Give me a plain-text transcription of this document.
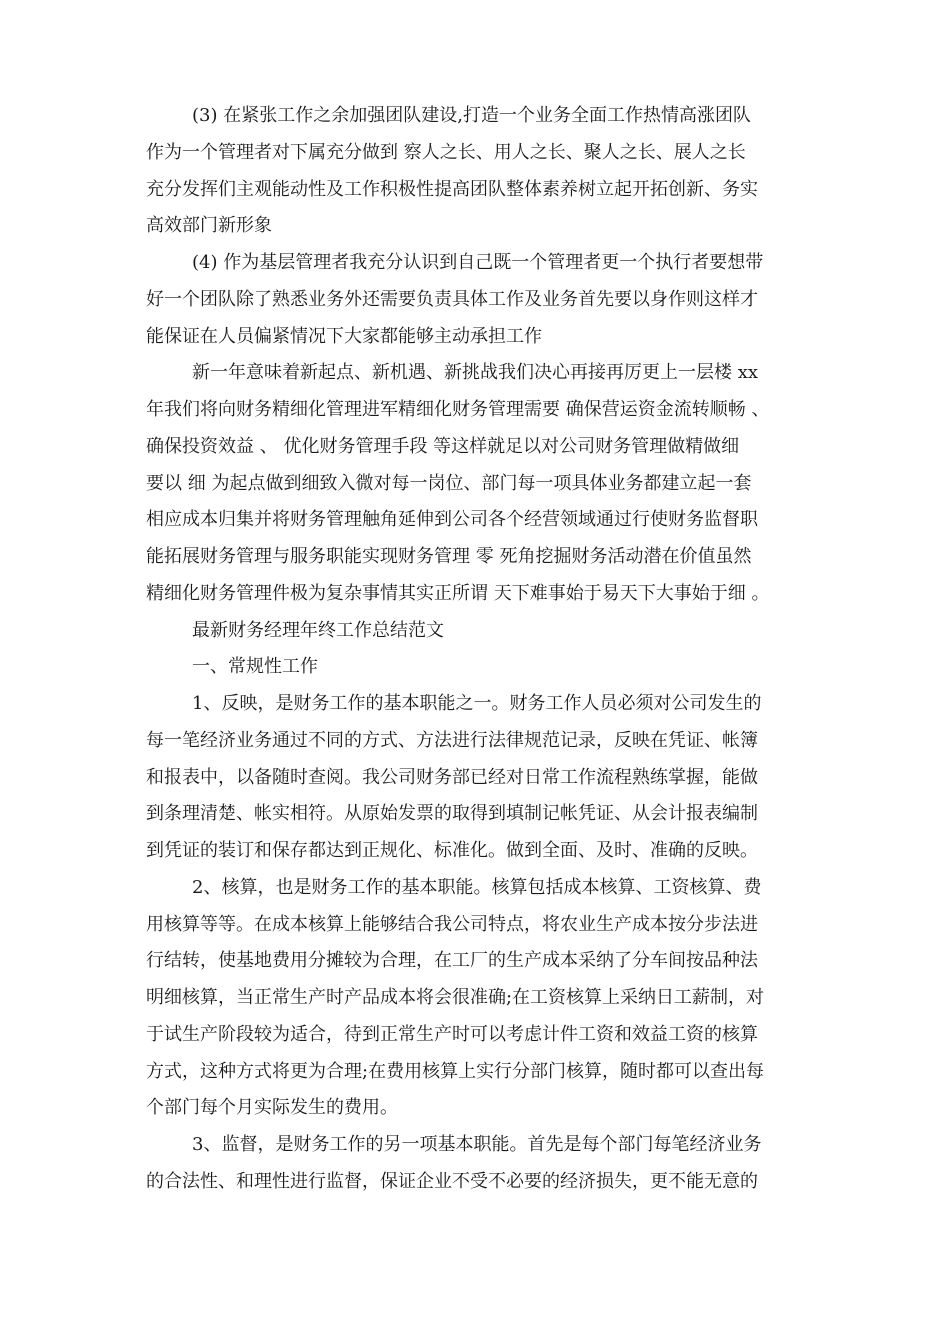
(3) 在紧张工作之余加强团队建设,打造一个业务全面工作热情高涨团队
作为一个管理者对下属充分做到 察人之长、用人之长、聚人之长、展人之长
充分发挥们主观能动性及工作积极性提高团队整体素养树立起开拓创新、务实
高效部门新形象
(4) 作为基层管理者我充分认识到自己既一个管理者更一个执行者要想带
好一个团队除了熟悉业务外还需要负责具体工作及业务首先要以身作则这样才
能保证在人员偏紧情况下大家都能够主动承担工作
新一年意味着新起点、新机遇、新挑战我们决心再接再厉更上一层楼 xx
年我们将向财务精细化管理进军精细化财务管理需要 确保营运资金流转顺畅 、
确保投资效益 、 优化财务管理手段 等这样就足以对公司财务管理做精做细
要以 细 为起点做到细致入微对每一岗位、部门每一项具体业务都建立起一套
相应成本归集并将财务管理触角延伸到公司各个经营领域通过行使财务监督职
能拓展财务管理与服务职能实现财务管理 零 死角挖掘财务活动潜在价值虽然
精细化财务管理件极为复杂事情其实正所谓 天下难事始于易天下大事始于细 。
最新财务经理年终工作总结范文
一、常规性工作
1、反映，是财务工作的基本职能之一。财务工作人员必须对公司发生的
每一笔经济业务通过不同的方式、方法进行法律规范记录，反映在凭证、帐簿
和报表中，以备随时查阅。我公司财务部已经对日常工作流程熟练掌握，能做
到条理清楚、帐实相符。从原始发票的取得到填制记帐凭证、从会计报表编制
到凭证的装订和保存都达到正规化、标准化。做到全面、及时、准确的反映。
2、核算，也是财务工作的基本职能。核算包括成本核算、工资核算、费
用核算等等。在成本核算上能够结合我公司特点，将农业生产成本按分步法进
行结转，使基地费用分摊较为合理，在工厂的生产成本采纳了分车间按品种法
明细核算，当正常生产时产品成本将会很准确;在工资核算上采纳日工薪制，对
于试生产阶段较为适合，待到正常生产时可以考虑计件工资和效益工资的核算
方式，这种方式将更为合理;在费用核算上实行分部门核算，随时都可以查出每
个部门每个月实际发生的费用。
3、监督，是财务工作的另一项基本职能。首先是每个部门每笔经济业务
的合法性、和理性进行监督，保证企业不受不必要的经济损失，更不能无意的
